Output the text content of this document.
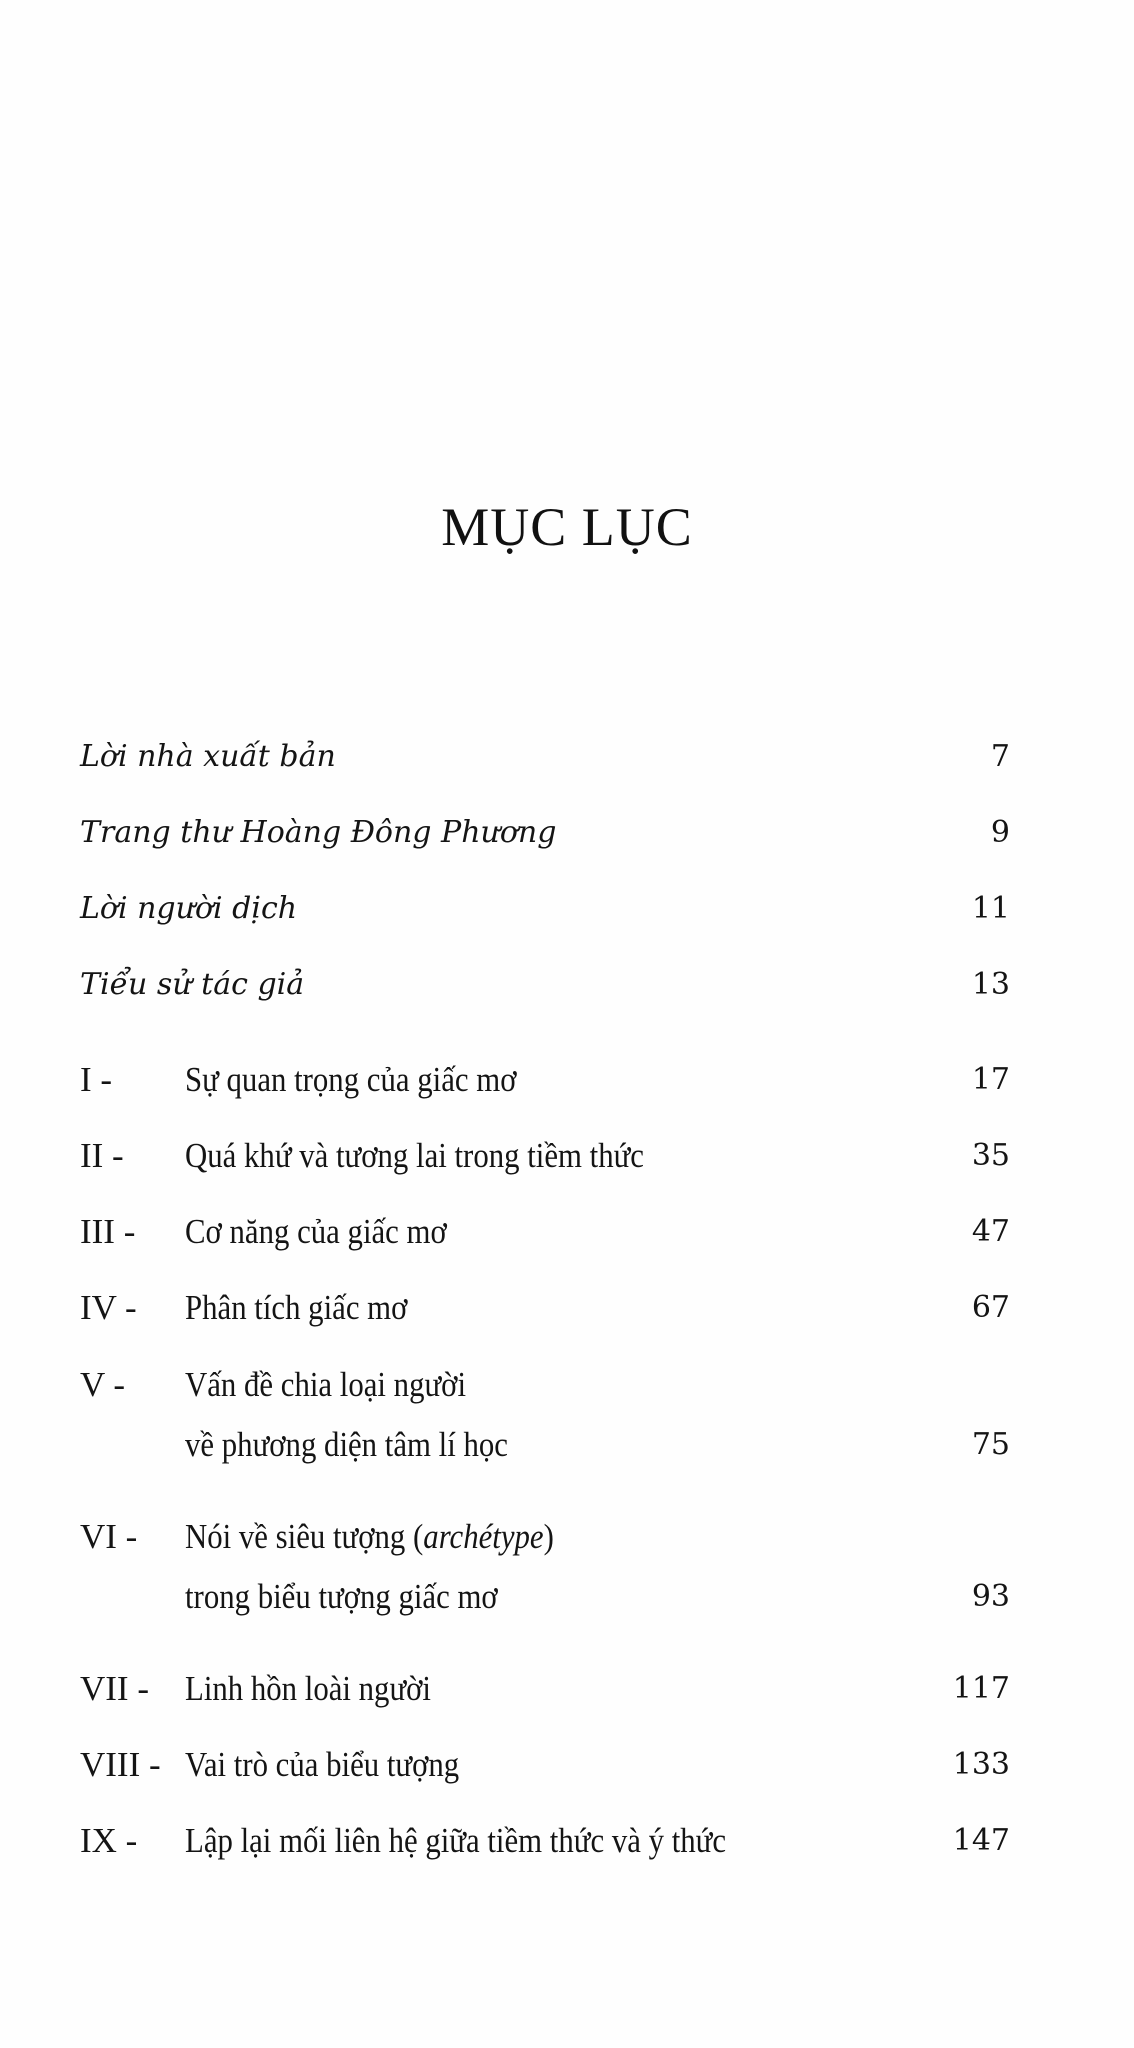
MỤC LỤC
Lời nhà xuất bản	7
Trang thư Hoàng Đông Phương	9
Lời người dịch	11
Tiểu sử tác giả	13
I - Sự quan trọng của giấc mơ	17
II - Quá khứ và tương lai trong tiềm thức	35
III - Cơ năng của giấc mơ	47
IV - Phân tích giấc mơ	67
V - Vấn đề chia loại người
về phương diện tâm lí học	75
VI - Nói về siêu tượng (archétype)
trong biểu tượng giấc mơ	93
VII - Linh hồn loài người	117
VIII - Vai trò của biểu tượng	133
IX - Lập lại mối liên hệ giữa tiềm thức và ý thức	147
